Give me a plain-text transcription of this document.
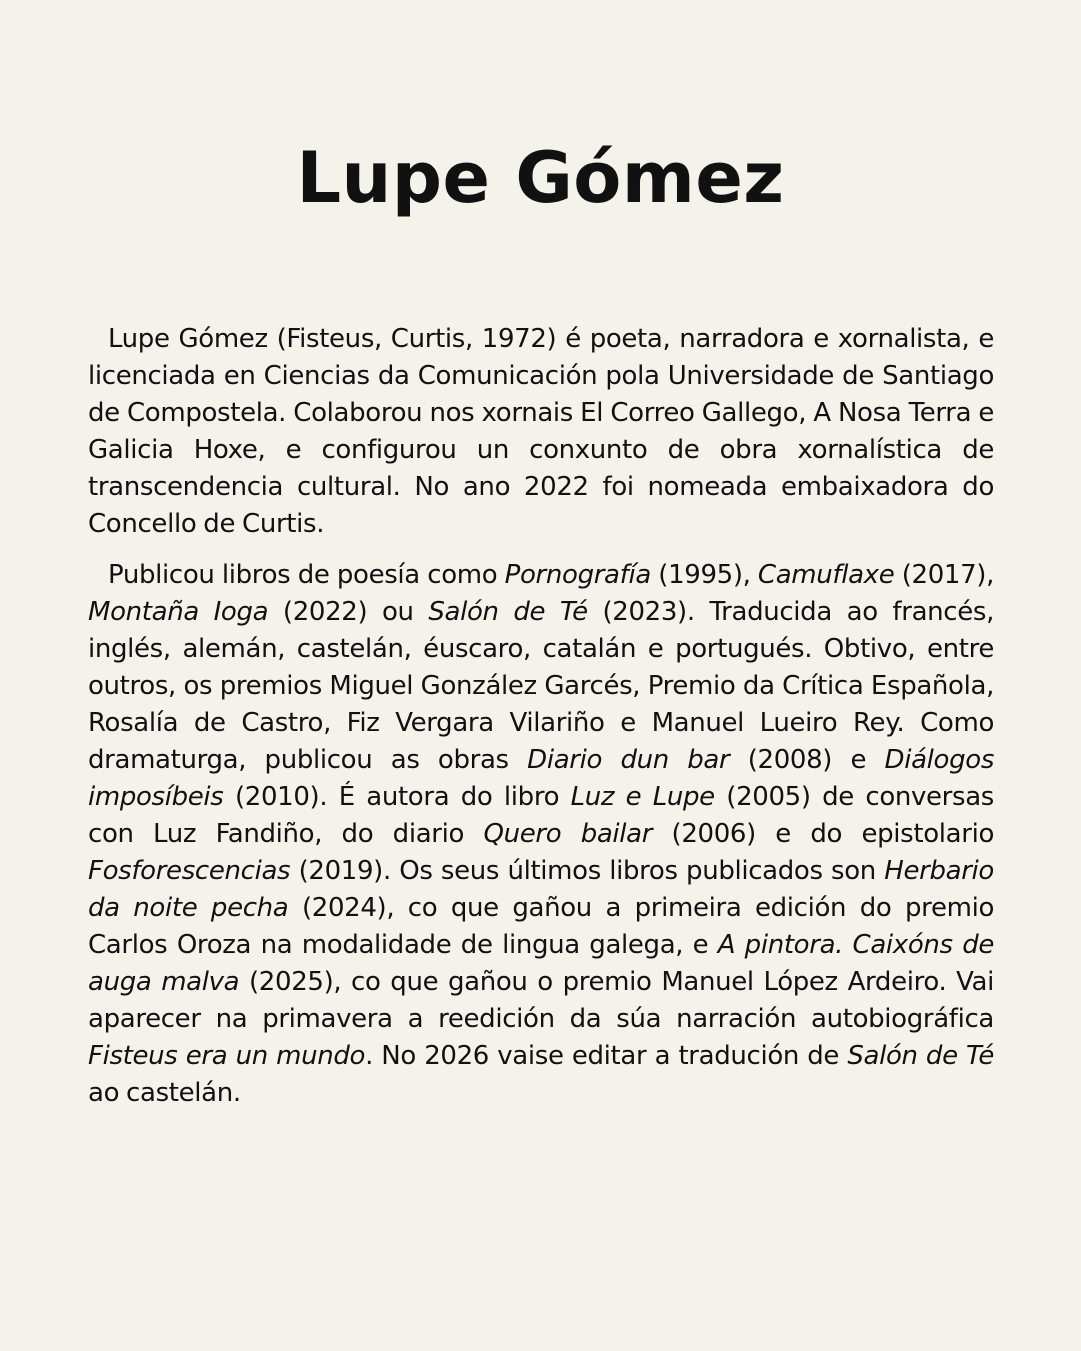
Lupe Gómez

Lupe Gómez (Fisteus, Curtis, 1972) é poeta, narradora e xornalista, e licenciada en Ciencias da Comunicación pola Universidade de Santiago de Compostela. Colaborou nos xornais El Correo Gallego, A Nosa Terra e Galicia Hoxe, e configurou un conxunto de obra xornalística de transcendencia cultural. No ano 2022 foi nomeada embaixadora do Concello de Curtis.

Publicou libros de poesía como Pornografía (1995), Camuflaxe (2017), Montaña Ioga (2022) ou Salón de Té (2023). Traducida ao francés, inglés, alemán, castelán, éuscaro, catalán e portugués. Obtivo, entre outros, os premios Miguel González Garcés, Premio da Crítica Española, Rosalía de Castro, Fiz Vergara Vilariño e Manuel Lueiro Rey. Como dramaturga, publicou as obras Diario dun bar (2008) e Diálogos imposíbeis (2010). É autora do libro Luz e Lupe (2005) de conversas con Luz Fandiño, do diario Quero bailar (2006) e do epistolario Fosforescencias (2019). Os seus últimos libros publicados son Herbario da noite pecha (2024), co que gañou a primeira edición do premio Carlos Oroza na modalidade de lingua galega, e A pintora. Caixóns de auga malva (2025), co que gañou o premio Manuel López Ardeiro. Vai aparecer na primavera a reedición da súa narración autobiográfica Fisteus era un mundo. No 2026 vaise editar a tradución de Salón de Té ao castelán.
